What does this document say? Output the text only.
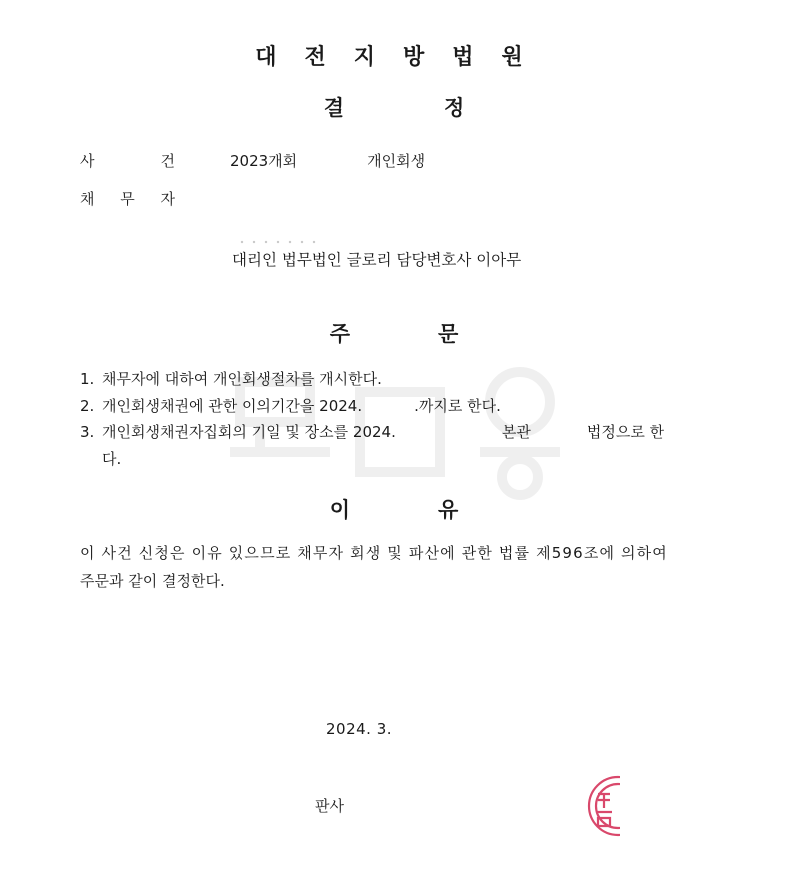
대전지방법원
결	정
사	건	2023개회	개인회생
채 무 자
대리인 법무법인 글로리 담당변호사 이아무
주	문
1. 채무자에 대하여 개인회생절차를 개시한다.
2. 개인회생채권에 관한 이의기간을 2024.	.까지로 한다.
3. 개인회생채권자집회의 기일 및 장소를 2024.	본관	법정으로 한
다.
이	유
이 사건 신청은 이유 있으므로 채무자 회생 및 파산에 관한 법률 제596조에 의하여
주문과 같이 결정한다.
2024. 3.
판사
